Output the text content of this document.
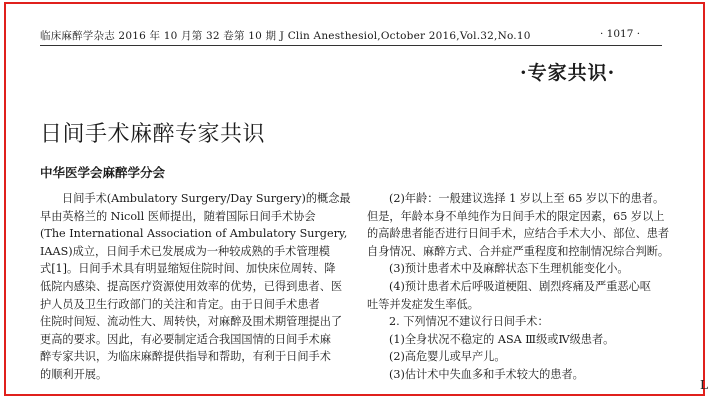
临床麻醉学杂志 2016 年 10 月第 32 卷第 10 期 J Clin Anesthesiol,October 2016,Vol.32,No.10	· 1017 ·
·专家共识·
日间手术麻醉专家共识
中华医学会麻醉学分会
日间手术(Ambulatory Surgery/Day Surgery)的概念最
早由英格兰的 Nicoll 医师提出，随着国际日间手术协会
(The International Association of Ambulatory Surgery,
IAAS)成立，日间手术已发展成为一种较成熟的手术管理模
式[1]。日间手术具有明显缩短住院时间、加快床位周转、降
低院内感染、提高医疗资源使用效率的优势，已得到患者、医
护人员及卫生行政部门的关注和肯定。由于日间手术患者
住院时间短、流动性大、周转快，对麻醉及围术期管理提出了
更高的要求。因此，有必要制定适合我国国情的日间手术麻
醉专家共识，为临床麻醉提供指导和帮助，有利于日间手术
的顺利开展。
(2)年龄：一般建议选择 1 岁以上至 65 岁以下的患者。
但是，年龄本身不单纯作为日间手术的限定因素，65 岁以上
的高龄患者能否进行日间手术，应结合手术大小、部位、患者
自身情况、麻醉方式、合并症严重程度和控制情况综合判断。
(3)预计患者术中及麻醉状态下生理机能变化小。
(4)预计患者术后呼吸道梗阻、剧烈疼痛及严重恶心呕
吐等并发症发生率低。
2. 下列情况不建议行日间手术：
(1)全身状况不稳定的 ASA Ⅲ级或Ⅳ级患者。
(2)高危婴儿或早产儿。
(3)估计术中失血多和手术较大的患者。
L
